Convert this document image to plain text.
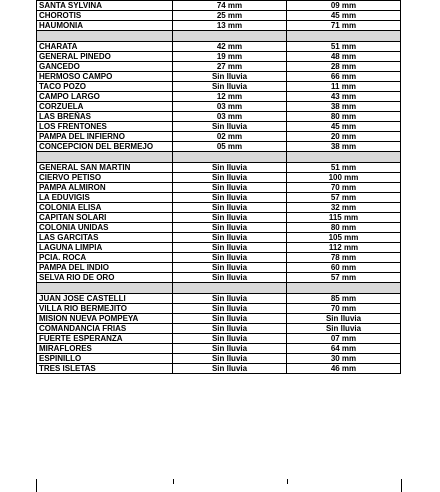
SANTA SYLVINA	74 mm	09 mm
CHOROTIS	25 mm	45 mm
HAUMONIA	13 mm	71 mm

CHARATA	42 mm	51 mm
GENERAL PINEDO	19 mm	48 mm
GANCEDO	27 mm	28 mm
HERMOSO CAMPO	Sin lluvia	66 mm
TACO POZO	Sin lluvia	11 mm
CAMPO LARGO	12 mm	43 mm
CORZUELA	03 mm	38 mm
LAS BREÑAS	03 mm	80 mm
LOS FRENTONES	Sin lluvia	45 mm
PAMPA DEL INFIERNO	02 mm	20 mm
CONCEPCION DEL BERMEJO	05 mm	38 mm

GENERAL SAN MARTIN	Sin lluvia	51 mm
CIERVO PETISO	Sin lluvia	100 mm
PAMPA ALMIRON	Sin lluvia	70 mm
LA EDUVIGIS	Sin lluvia	57 mm
COLONIA ELISA	Sin lluvia	32 mm
CAPITAN SOLARI	Sin lluvia	115 mm
COLONIA UNIDAS	Sin lluvia	80 mm
LAS GARCITAS	Sin lluvia	105 mm
LAGUNA LIMPIA	Sin lluvia	112 mm
PCIA. ROCA	Sin lluvia	78 mm
PAMPA DEL INDIO	Sin lluvia	60 mm
SELVA RIO DE ORO	Sin lluvia	57 mm

JUAN JOSE CASTELLI	Sin lluvia	85 mm
VILLA RIO BERMEJITO	Sin lluvia	70 mm
MISION NUEVA POMPEYA	Sin lluvia	Sin lluvia
COMANDANCIA FRIAS	Sin lluvia	Sin lluvia
FUERTE ESPERANZA	Sin lluvia	07 mm
MIRAFLORES	Sin lluvia	64 mm
ESPINILLO	Sin lluvia	30 mm
TRES ISLETAS	Sin lluvia	46 mm
